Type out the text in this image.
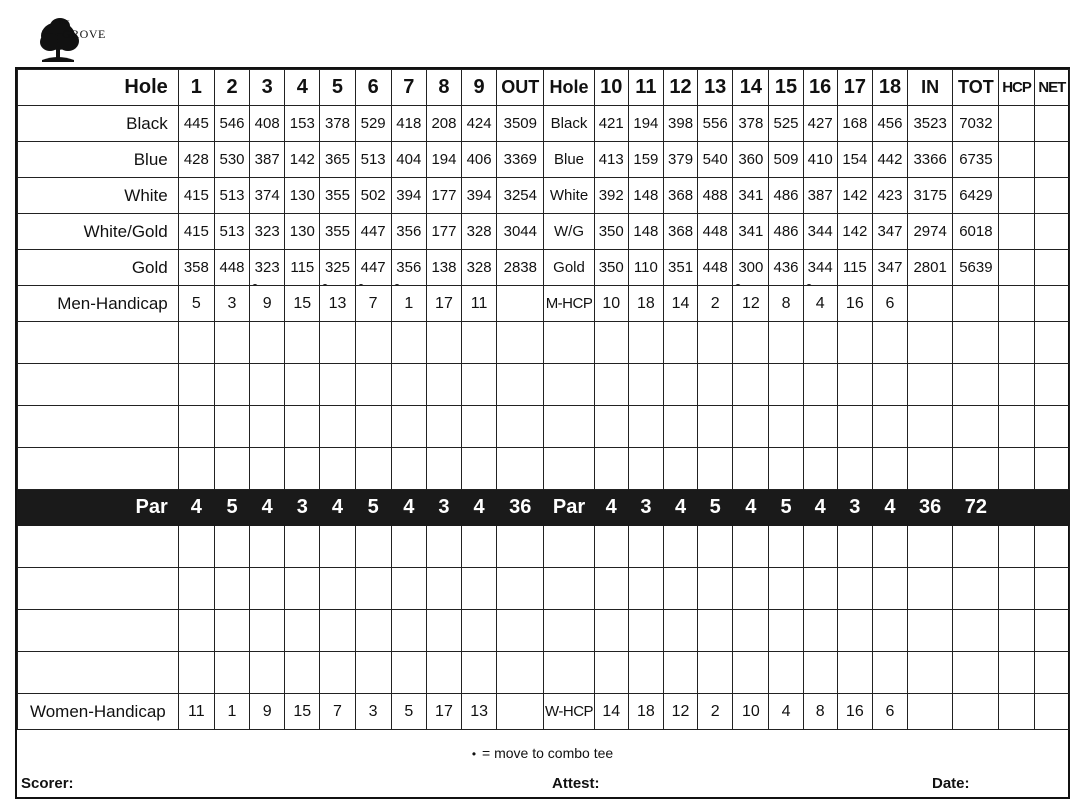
THE
GROVE
Hole	1	2	3	4	5	6	7	8	9	OUT	Hole	10	11	12	13	14	15	16	17	18	IN	TOT	HCP	NET
Black	445	546	408	153	378	529	418	208	424	3509	Black	421	194	398	556	378	525	427	168	456	3523	7032		
Blue	428	530	387	142	365	513	404	194	406	3369	Blue	413	159	379	540	360	509	410	154	442	3366	6735		
White	415	513	374	130	355	502	394	177	394	3254	White	392	148	368	488	341	486	387	142	423	3175	6429		
White/Gold	415	513	323	130	355	447	356	177	328	3044	W/G	350	148	368	448	341	486	344	142	347	2974	6018		
Gold	358	448	323	115	325	447	356	138	328	2838	Gold	350	110	351	448	300	436	344	115	347	2801	5639		
Men-Handicap	5	3	9	15	13	7	1	17	11		M-HCP	10	18	14	2	12	8	4	16	6				

Par	4	5	4	3	4	5	4	3	4	36	Par	4	3	4	5	4	5	4	3	4	36	72		

Women-Handicap	11	1	9	15	7	3	5	17	13		W-HCP	14	18	12	2	10	4	8	16	6				
• = move to combo tee
Scorer:	Attest:	Date:
